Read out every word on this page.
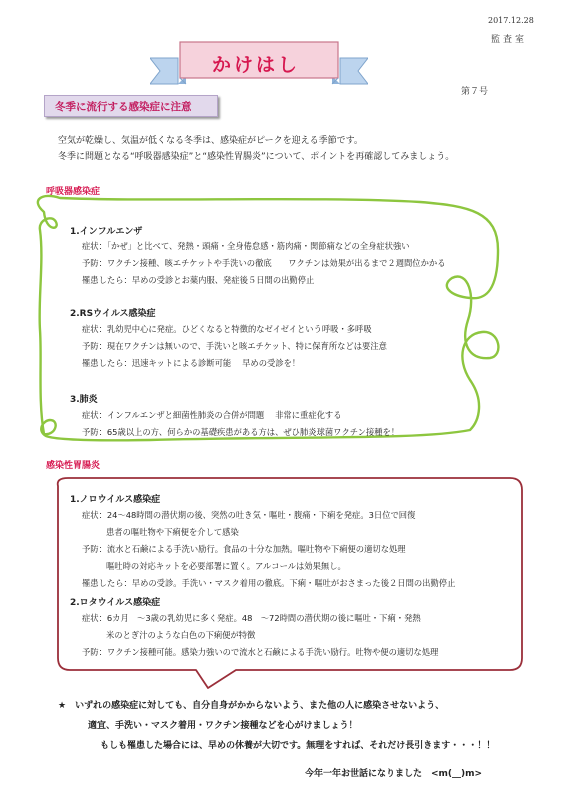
2017.12.28
監査室
第７号
かけはし
冬季に流行する感染症に注意
空気が乾燥し、気温が低くなる冬季は、感染症がピークを迎える季節です。
冬季に問題となる“呼吸器感染症”と“感染性胃腸炎”について、ポイントを再確認してみましょう。
呼吸器感染症
1.インフルエンザ
症状：「かぜ」と比べて、発熱・頭痛・全身倦怠感・筋肉痛・関節痛などの全身症状強い
予防：ワクチン接種、咳エチケットや手洗いの徹底　　ワクチンは効果が出るまで２週間位かかる
罹患したら：早めの受診とお薬内服、発症後５日間の出勤停止
2.RSウイルス感染症
症状：乳幼児中心に発症。ひどくなると特徴的なゼイゼイという呼吸・多呼吸
予防：現在ワクチンは無いので、手洗いと咳エチケット、特に保育所などは要注意
罹患したら：迅速キットによる診断可能　 早めの受診を！
3.肺炎
症状：インフルエンザと細菌性肺炎の合併が問題　 非常に重症化する
予防：65歳以上の方、何らかの基礎疾患がある方は、ぜひ肺炎球菌ワクチン接種を！
感染性胃腸炎
1.ノロウイルス感染症
症状：24～48時間の潜伏期の後、突然の吐き気・嘔吐・腹痛・下痢を発症。3日位で回復
患者の嘔吐物や下痢便を介して感染
予防：流水と石鹸による手洗い励行。食品の十分な加熱。嘔吐物や下痢便の適切な処理
嘔吐時の対応キットを必要部署に置く。アルコールは効果無し。
罹患したら：早めの受診。手洗い・マスク着用の徹底。下痢・嘔吐がおさまった後２日間の出勤停止
2.ロタウイルス感染症
症状：6カ月　～3歳の乳幼児に多く発症。48　～72時間の潜伏期の後に嘔吐・下痢・発熱
米のとぎ汁のような白色の下痢便が特徴
予防：ワクチン接種可能。感染力強いので流水と石鹸による手洗い励行。吐物や便の適切な処理
★　いずれの感染症に対しても、自分自身がかからないよう、また他の人に感染させないよう、
適宜、手洗い・マスク着用・ワクチン接種などを心がけましょう！
もしも罹患した場合には、早めの休養が大切です。無理をすれば、それだけ長引きます・・・！！
今年一年お世話になりました　<m(__)m>
